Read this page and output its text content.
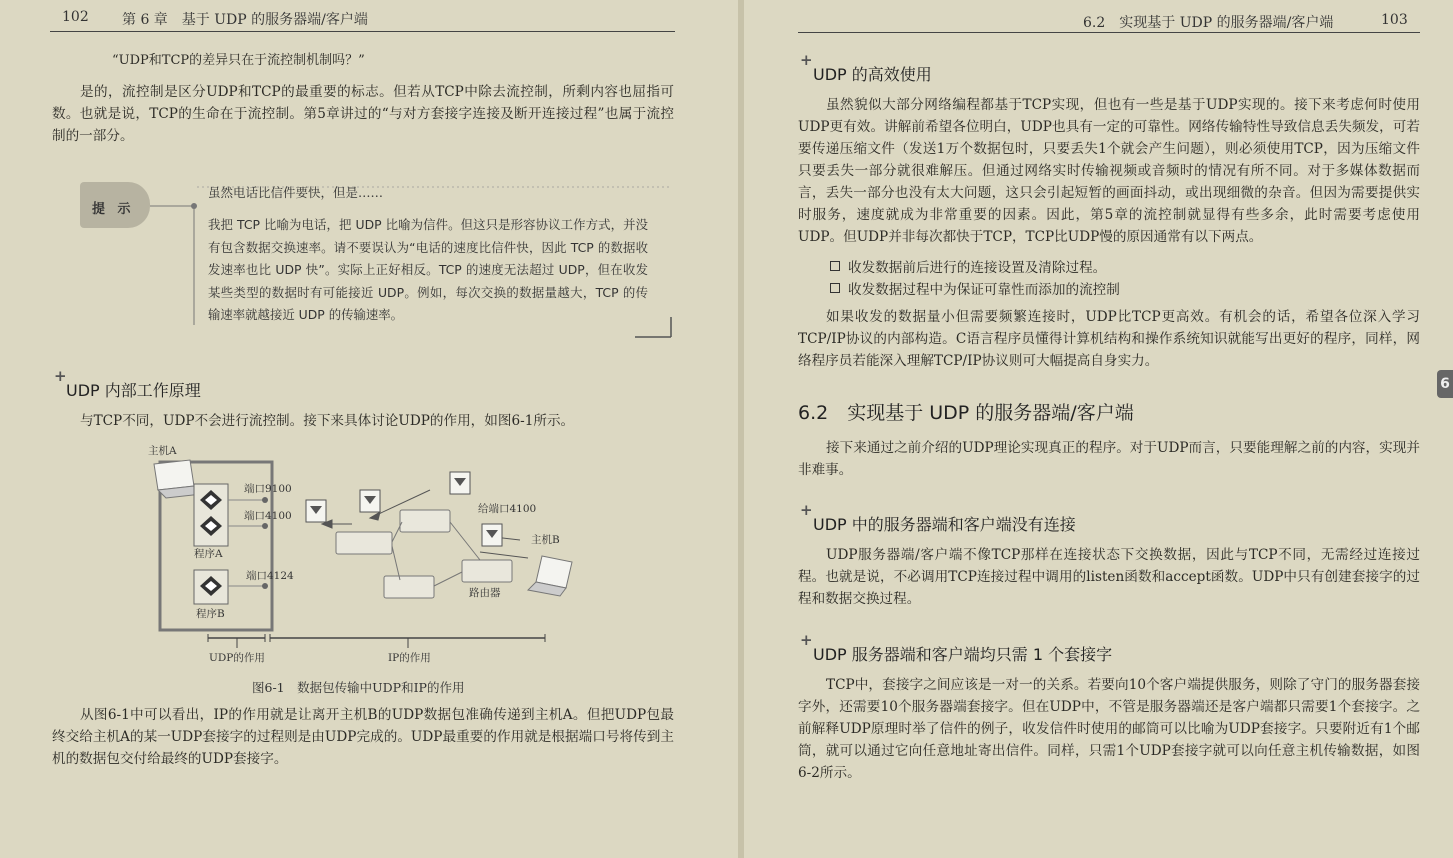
102 第 6 章　基于 UDP 的服务器端/客户端
“UDP和TCP的差异只在于流控制机制吗？”

是的，流控制是区分UDP和TCP的最重要的标志。但若从TCP中除去流控制，所剩内容也屈指可数。也就是说，TCP的生命在于流控制。第5章讲过的“与对方套接字连接及断开连接过程”也属于流控制的一部分。

提 示
虽然电话比信件要快，但是……

我把 TCP 比喻为电话，把 UDP 比喻为信件。但这只是形容协议工作方式，并没有包含数据交换速率。请不要误认为“电话的速度比信件快，因此 TCP 的数据收发速率也比 UDP 快”。实际上正好相反。TCP 的速度无法超过 UDP，但在收发某些类型的数据时有可能接近 UDP。例如，每次交换的数据量越大，TCP 的传输速率就越接近 UDP 的传输速率。

+
UDP 内部工作原理

与TCP不同，UDP不会进行流控制。接下来具体讨论UDP的作用，如图6-1所示。

主机A
端口9100
端口4100
程序A
端口4124
程序B
给端口4100
主机B
路由器
UDP的作用	IP的作用
图6-1　数据包传输中UDP和IP的作用

从图6-1中可以看出，IP的作用就是让离开主机B的UDP数据包准确传递到主机A。但把UDP包最终交给主机A的某一UDP套接字的过程则是由UDP完成的。UDP最重要的作用就是根据端口号将传到主机的数据包交付给最终的UDP套接字。

6.2　实现基于 UDP 的服务器端/客户端	103
+
UDP 的高效使用

虽然貌似大部分网络编程都基于TCP实现，但也有一些是基于UDP实现的。接下来考虑何时使用UDP更有效。讲解前希望各位明白，UDP也具有一定的可靠性。网络传输特性导致信息丢失频发，可若要传递压缩文件（发送1万个数据包时，只要丢失1个就会产生问题），则必须使用TCP，因为压缩文件只要丢失一部分就很难解压。但通过网络实时传输视频或音频时的情况有所不同。对于多媒体数据而言，丢失一部分也没有太大问题，这只会引起短暂的画面抖动，或出现细微的杂音。但因为需要提供实时服务，速度就成为非常重要的因素。因此，第5章的流控制就显得有些多余，此时需要考虑使用UDP。但UDP并非每次都快于TCP，TCP比UDP慢的原因通常有以下两点。

收发数据前后进行的连接设置及清除过程。
收发数据过程中为保证可靠性而添加的流控制

如果收发的数据量小但需要频繁连接时，UDP比TCP更高效。有机会的话，希望各位深入学习TCP/IP协议的内部构造。C语言程序员懂得计算机结构和操作系统知识就能写出更好的程序，同样，网络程序员若能深入理解TCP/IP协议则可大幅提高自身实力。

6.2　实现基于 UDP 的服务器端/客户端

接下来通过之前介绍的UDP理论实现真正的程序。对于UDP而言，只要能理解之前的内容，实现并非难事。

+
UDP 中的服务器端和客户端没有连接

UDP服务器端/客户端不像TCP那样在连接状态下交换数据，因此与TCP不同，无需经过连接过程。也就是说，不必调用TCP连接过程中调用的listen函数和accept函数。UDP中只有创建套接字的过程和数据交换过程。

+
UDP 服务器端和客户端均只需 1 个套接字

TCP中，套接字之间应该是一对一的关系。若要向10个客户端提供服务，则除了守门的服务器套接字外，还需要10个服务器端套接字。但在UDP中，不管是服务器端还是客户端都只需要1个套接字。之前解释UDP原理时举了信件的例子，收发信件时使用的邮筒可以比喻为UDP套接字。只要附近有1个邮筒，就可以通过它向任意地址寄出信件。同样，只需1个UDP套接字就可以向任意主机传输数据，如图6-2所示。

6
